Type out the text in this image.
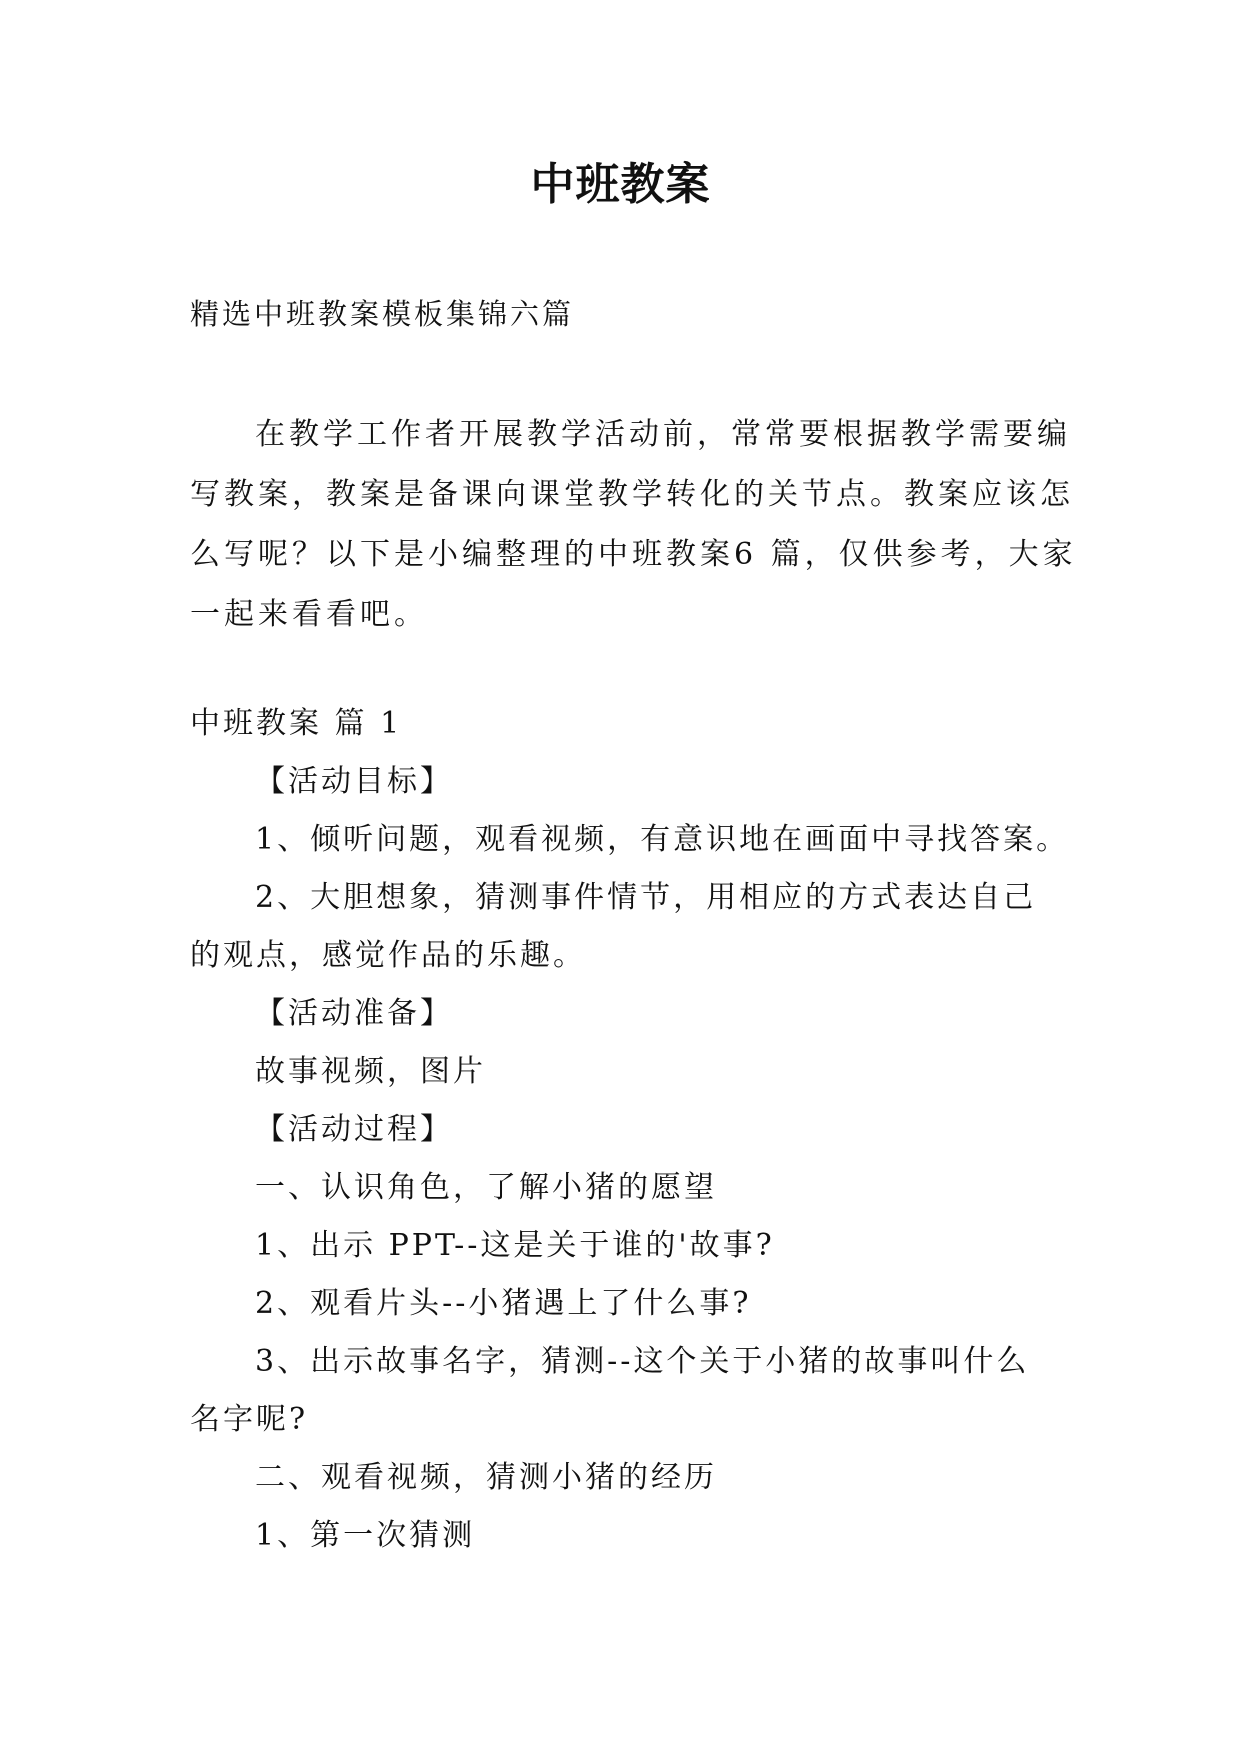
中班教案
精选中班教案模板集锦六篇
在教学工作者开展教学活动前，常常要根据教学需要编
写教案，教案是备课向课堂教学转化的关节点。教案应该怎
么写呢？以下是小编整理的中班教案6 篇，仅供参考，大家
一起来看看吧。
中班教案 篇 1
【活动目标】
1、倾听问题，观看视频，有意识地在画面中寻找答案。
2、大胆想象，猜测事件情节，用相应的方式表达自己
的观点，感觉作品的乐趣。
【活动准备】
故事视频，图片
【活动过程】
一、认识角色，了解小猪的愿望
1、出示 PPT--这是关于谁的'故事?
2、观看片头--小猪遇上了什么事?
3、出示故事名字，猜测--这个关于小猪的故事叫什么
名字呢?
二、观看视频，猜测小猪的经历
1、第一次猜测
